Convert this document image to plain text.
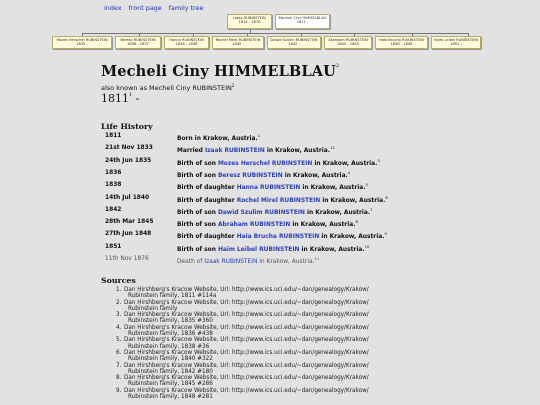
index front page family tree
Izaak RUBINSTEIN
1814 - 1876
Mecheli Ciny HIMMELBLAU
1811 -
Mozes Herschel RUBINSTEIN
1835 -
Beresz RUBINSTEIN
1836 - 1837
Hanna RUBINSTEIN
1838 - 1838
Rochel Mirel RUBINSTEIN
1840 -
Dawid Szulim RUBINSTEIN
1842 -
Abraham RUBINSTEIN
1845 - 1845
Haia Brucha RUBINSTEIN
1848 - 1848
Haim Leibel RUBINSTEIN
1851 -
Mecheli Ciny HIMMELBLAU$^2$
also known as Mecheli Ciny RUBINSTEIN$^2$
1811$^1$ -
Life History
1811	Born in Krakow, Austria.$^1$
21st Nov 1833	Married Izaak RUBINSTEIN in Krakow, Austria.$^{12}$
24th Jun 1835	Birth of son Mozes Herschel RUBINSTEIN in Krakow, Austria.$^3$
1836	Birth of son Beresz RUBINSTEIN in Krakow, Austria.$^4$
1838	Birth of daughter Hanna RUBINSTEIN in Krakow, Austria.$^5$
14th Jul 1840	Birth of daughter Rochel Mirel RUBINSTEIN in Krakow, Austria.$^6$
1842	Birth of son Dawid Szulim RUBINSTEIN in Krakow, Austria.$^7$
28th Mar 1845	Birth of son Abraham RUBINSTEIN in Krakow, Austria.$^8$
27th Jun 1848	Birth of daughter Haia Brucha RUBINSTEIN in Krakow, Austria.$^9$
1851	Birth of son Haim Leibel RUBINSTEIN in Krakow, Austria.$^{10}$
11th Nov 1876	Death of Izaak RUBINSTEIN in Krakow, Austria.$^{11}$
Sources
1. Dan Hirshberg's Kracow Website, Url: http://www.ics.uci.edu/~dan/genealogy/Krakow/
Rubinstein family, 1811 #114a
2. Dan Hirshberg's Kracow Website, Url: http://www.ics.uci.edu/~dan/genealogy/Krakow/
Rubinstein family
3. Dan Hirshberg's Kracow Website, Url: http://www.ics.uci.edu/~dan/genealogy/Krakow/
Rubinstein family, 1835 #360
4. Dan Hirshberg's Kracow Website, Url: http://www.ics.uci.edu/~dan/genealogy/Krakow/
Rubinstein family, 1836 #438
5. Dan Hirshberg's Kracow Website, Url: http://www.ics.uci.edu/~dan/genealogy/Krakow/
Rubinstein family, 1838 #36
6. Dan Hirshberg's Kracow Website, Url: http://www.ics.uci.edu/~dan/genealogy/Krakow/
Rubinstein family, 1840 #322
7. Dan Hirshberg's Kracow Website, Url: http://www.ics.uci.edu/~dan/genealogy/Krakow/
Rubinstein family, 1842 #180
8. Dan Hirshberg's Kracow Website, Url: http://www.ics.uci.edu/~dan/genealogy/Krakow/
Rubinstein family, 1845 #286
9. Dan Hirshberg's Kracow Website, Url: http://www.ics.uci.edu/~dan/genealogy/Krakow/
Rubinstein family, 1848 #281
